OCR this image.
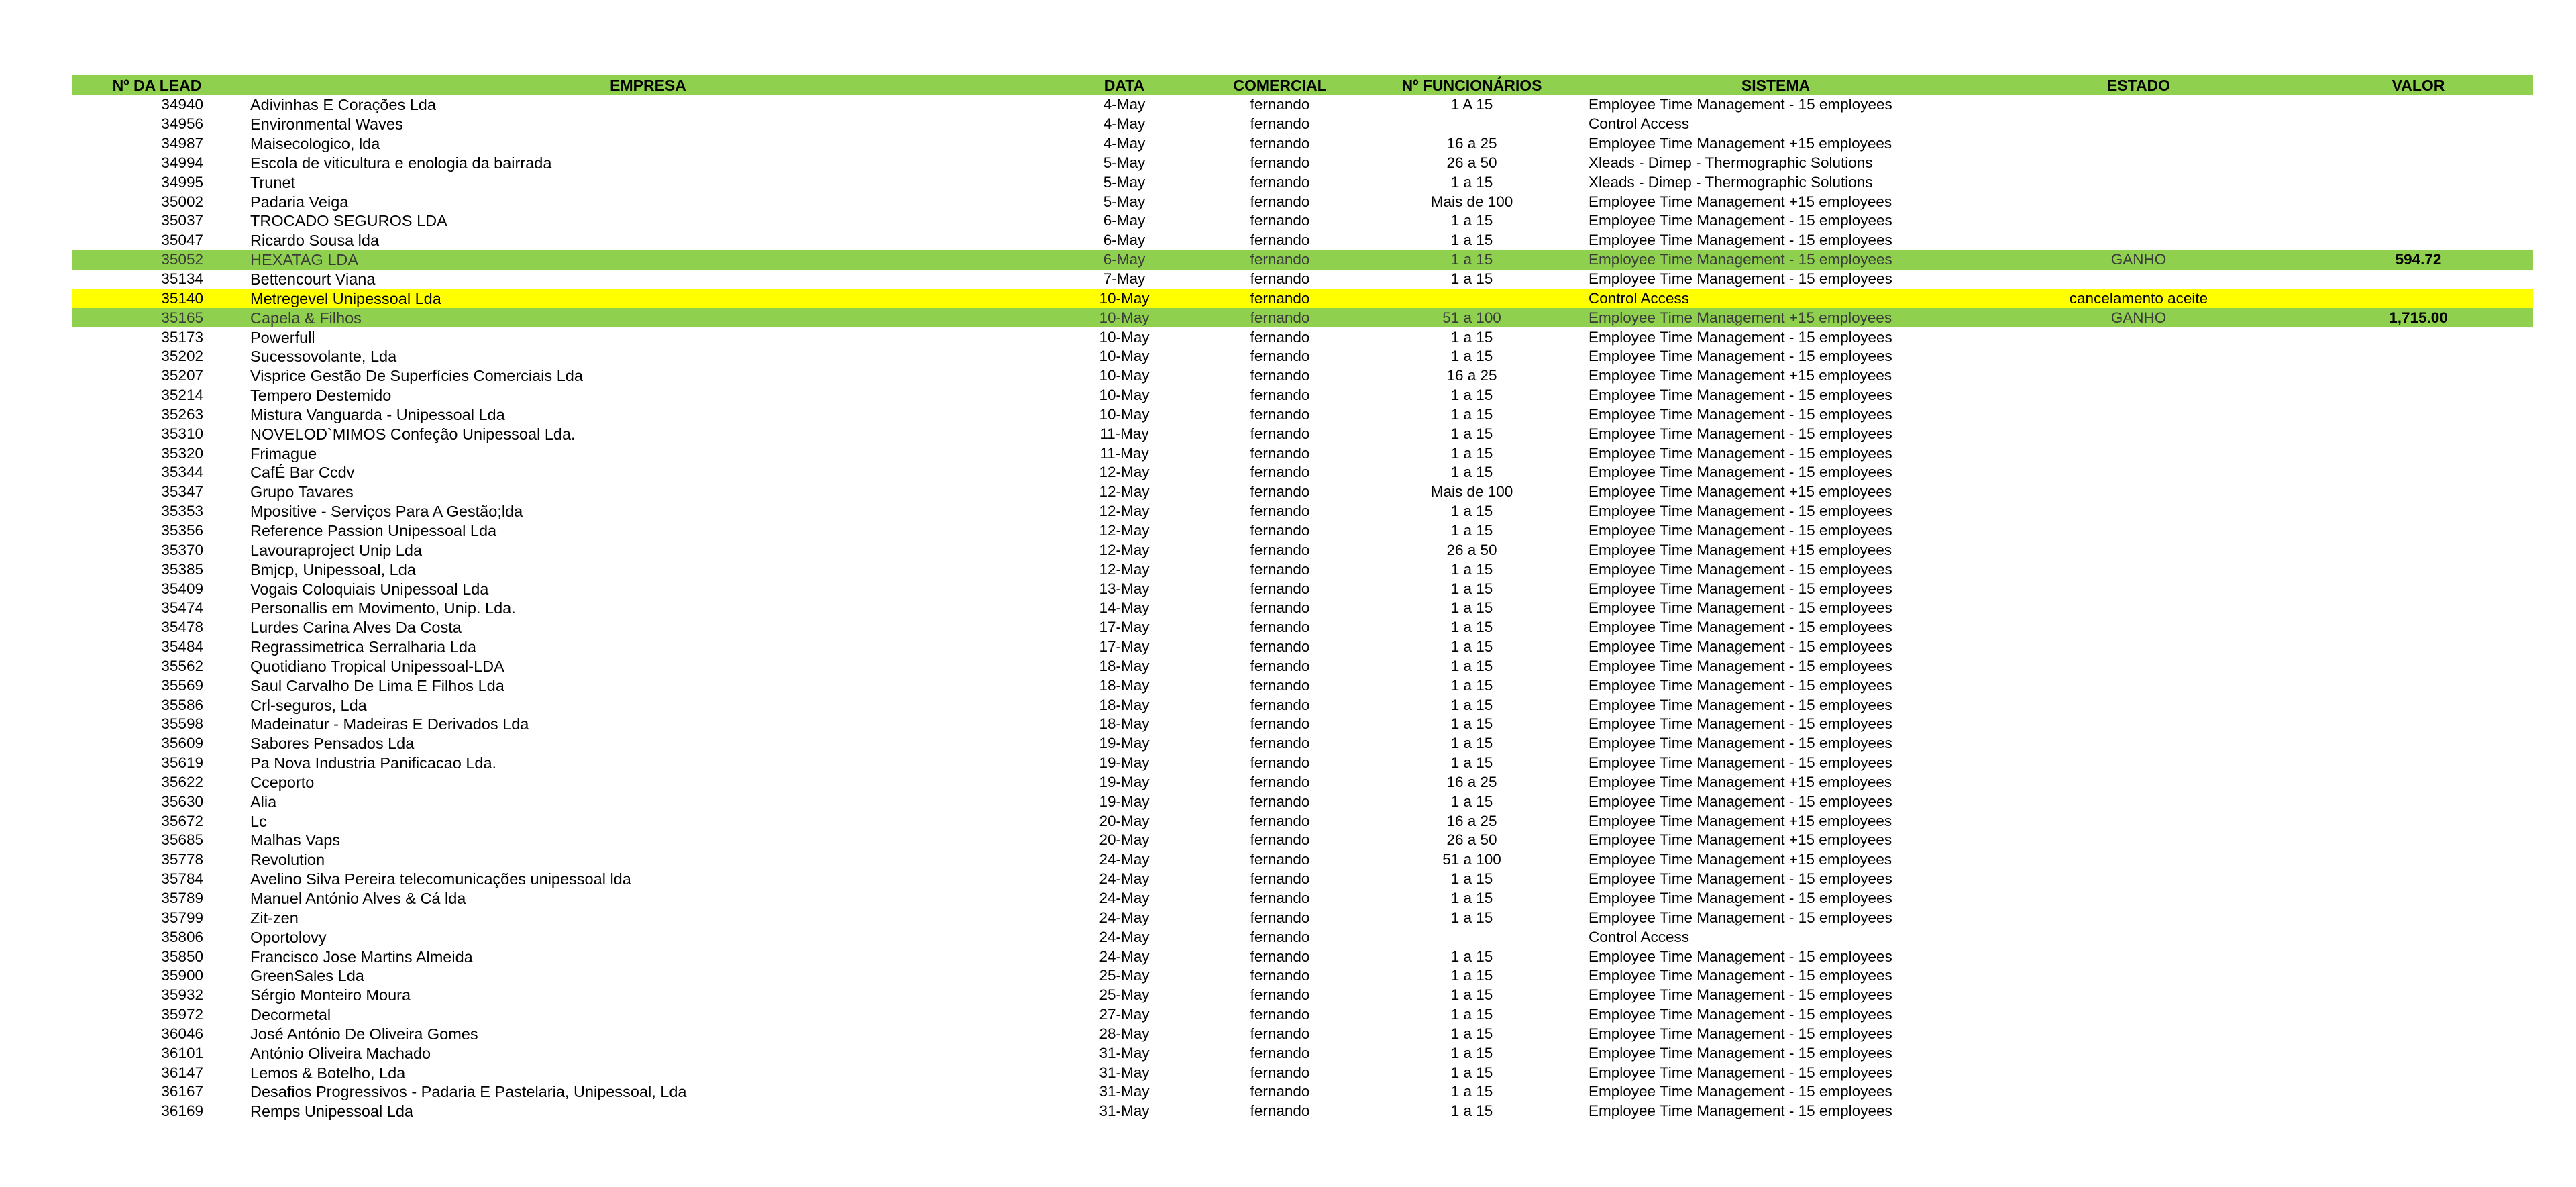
Nº DA LEAD	EMPRESA	DATA	COMERCIAL	Nº FUNCIONÁRIOS	SISTEMA	ESTADO	VALOR
34940	Adivinhas E Corações Lda	4-May	fernando	1 A 15	Employee Time Management - 15 employees		
34956	Environmental Waves	4-May	fernando		Control Access		
34987	Maisecologico, lda	4-May	fernando	16 a 25	Employee Time Management +15 employees		
34994	Escola de viticultura e enologia da bairrada	5-May	fernando	26 a 50	Xleads - Dimep - Thermographic Solutions		
34995	Trunet	5-May	fernando	1 a 15	Xleads - Dimep - Thermographic Solutions		
35002	Padaria Veiga	5-May	fernando	Mais de 100	Employee Time Management +15 employees		
35037	TROCADO SEGUROS LDA	6-May	fernando	1 a 15	Employee Time Management - 15 employees		
35047	Ricardo Sousa lda	6-May	fernando	1 a 15	Employee Time Management - 15 employees		
35052	HEXATAG LDA	6-May	fernando	1 a 15	Employee Time Management - 15 employees	GANHO	594.72
35134	Bettencourt Viana	7-May	fernando	1 a 15	Employee Time Management - 15 employees		
35140	Metregevel Unipessoal Lda	10-May	fernando		Control Access	cancelamento aceite	
35165	Capela & Filhos	10-May	fernando	51 a 100	Employee Time Management +15 employees	GANHO	1,715.00
35173	Powerfull	10-May	fernando	1 a 15	Employee Time Management - 15 employees		
35202	Sucessovolante, Lda	10-May	fernando	1 a 15	Employee Time Management - 15 employees		
35207	Visprice Gestão De Superfícies Comerciais Lda	10-May	fernando	16 a 25	Employee Time Management +15 employees		
35214	Tempero Destemido	10-May	fernando	1 a 15	Employee Time Management - 15 employees		
35263	Mistura Vanguarda - Unipessoal Lda	10-May	fernando	1 a 15	Employee Time Management - 15 employees		
35310	NOVELOD`MIMOS Confeção Unipessoal Lda.	11-May	fernando	1 a 15	Employee Time Management - 15 employees		
35320	Frimague	11-May	fernando	1 a 15	Employee Time Management - 15 employees		
35344	CafÉ Bar Ccdv	12-May	fernando	1 a 15	Employee Time Management - 15 employees		
35347	Grupo Tavares	12-May	fernando	Mais de 100	Employee Time Management +15 employees		
35353	Mpositive - Serviços Para A Gestão;lda	12-May	fernando	1 a 15	Employee Time Management - 15 employees		
35356	Reference Passion Unipessoal Lda	12-May	fernando	1 a 15	Employee Time Management - 15 employees		
35370	Lavouraproject Unip Lda	12-May	fernando	26 a 50	Employee Time Management +15 employees		
35385	Bmjcp, Unipessoal, Lda	12-May	fernando	1 a 15	Employee Time Management - 15 employees		
35409	Vogais Coloquiais Unipessoal Lda	13-May	fernando	1 a 15	Employee Time Management - 15 employees		
35474	Personallis em Movimento, Unip. Lda.	14-May	fernando	1 a 15	Employee Time Management - 15 employees		
35478	Lurdes Carina Alves Da Costa	17-May	fernando	1 a 15	Employee Time Management - 15 employees		
35484	Regrassimetrica Serralharia Lda	17-May	fernando	1 a 15	Employee Time Management - 15 employees		
35562	Quotidiano Tropical Unipessoal-LDA	18-May	fernando	1 a 15	Employee Time Management - 15 employees		
35569	Saul Carvalho De Lima E Filhos Lda	18-May	fernando	1 a 15	Employee Time Management - 15 employees		
35586	Crl-seguros, Lda	18-May	fernando	1 a 15	Employee Time Management - 15 employees		
35598	Madeinatur - Madeiras E Derivados Lda	18-May	fernando	1 a 15	Employee Time Management - 15 employees		
35609	Sabores Pensados Lda	19-May	fernando	1 a 15	Employee Time Management - 15 employees		
35619	Pa Nova Industria Panificacao Lda.	19-May	fernando	1 a 15	Employee Time Management - 15 employees		
35622	Cceporto	19-May	fernando	16 a 25	Employee Time Management +15 employees		
35630	Alia	19-May	fernando	1 a 15	Employee Time Management - 15 employees		
35672	Lc	20-May	fernando	16 a 25	Employee Time Management +15 employees		
35685	Malhas Vaps	20-May	fernando	26 a 50	Employee Time Management +15 employees		
35778	Revolution	24-May	fernando	51 a 100	Employee Time Management +15 employees		
35784	Avelino Silva Pereira telecomunicações unipessoal lda	24-May	fernando	1 a 15	Employee Time Management - 15 employees		
35789	Manuel António Alves & Cá lda	24-May	fernando	1 a 15	Employee Time Management - 15 employees		
35799	Zit-zen	24-May	fernando	1 a 15	Employee Time Management - 15 employees		
35806	Oportolovy	24-May	fernando		Control Access		
35850	Francisco Jose Martins Almeida	24-May	fernando	1 a 15	Employee Time Management - 15 employees		
35900	GreenSales Lda	25-May	fernando	1 a 15	Employee Time Management - 15 employees		
35932	Sérgio Monteiro Moura	25-May	fernando	1 a 15	Employee Time Management - 15 employees		
35972	Decormetal	27-May	fernando	1 a 15	Employee Time Management - 15 employees		
36046	José António De Oliveira Gomes	28-May	fernando	1 a 15	Employee Time Management - 15 employees		
36101	António Oliveira Machado	31-May	fernando	1 a 15	Employee Time Management - 15 employees		
36147	Lemos & Botelho, Lda	31-May	fernando	1 a 15	Employee Time Management - 15 employees		
36167	Desafios Progressivos - Padaria E Pastelaria, Unipessoal, Lda	31-May	fernando	1 a 15	Employee Time Management - 15 employees		
36169	Remps Unipessoal Lda	31-May	fernando	1 a 15	Employee Time Management - 15 employees		
